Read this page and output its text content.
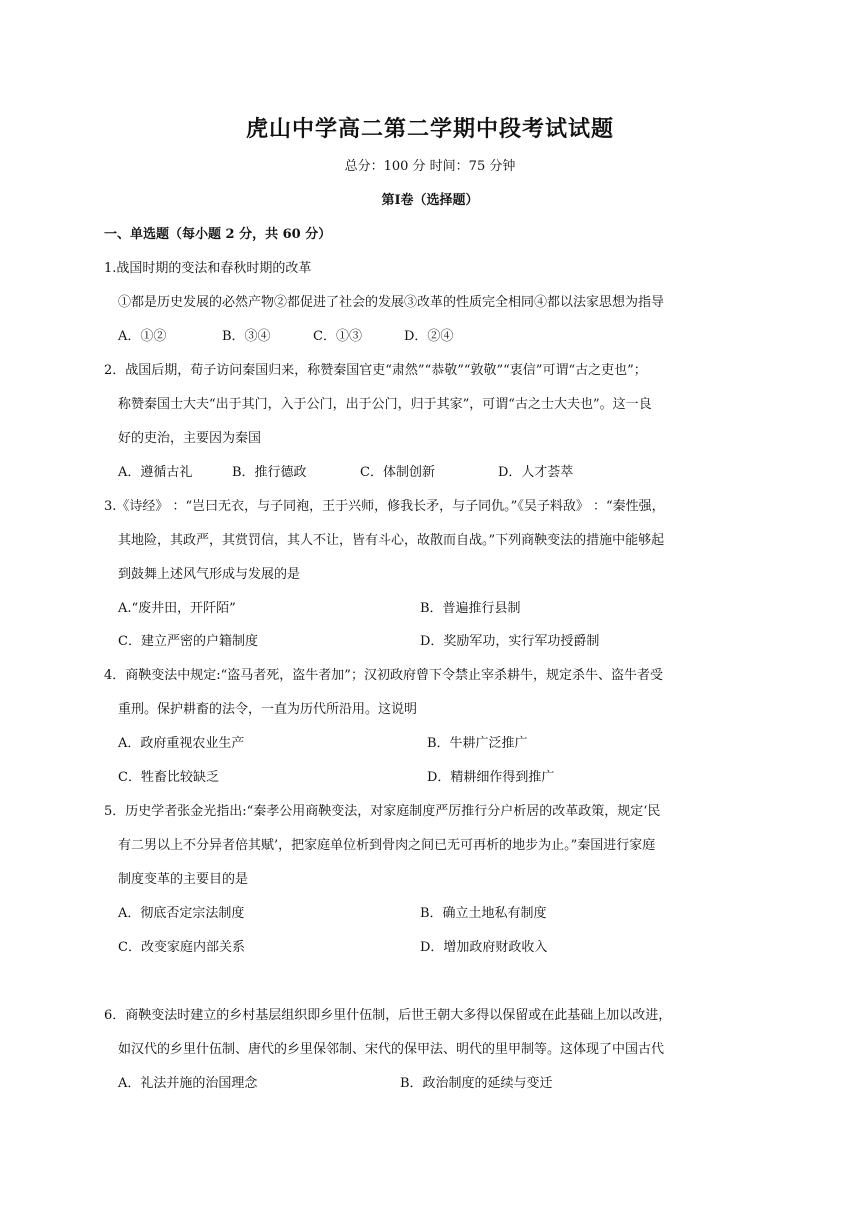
虎山中学高二第二学期中段考试试题
总分：100 分 时间：75 分钟
第Ⅰ卷（选择题）
一、单选题（每小题 2 分，共 60 分）
1.战国时期的变法和春秋时期的改革
①都是历史发展的必然产物②都促进了社会的发展③改革的性质完全相同④都以法家思想为指导
A．①②	B．③④	C．①③	D．②④
2．战国后期，荀子访问秦国归来，称赞秦国官吏“肃然”“恭敬”“敦敬”“衷信”可谓“古之吏也”；
称赞秦国士大夫“出于其门，入于公门，出于公门，归于其家”，可谓“古之士大夫也”。这一良
好的吏治，主要因为秦国
A．遵循古礼	B．推行德政	C．体制创新	D．人才荟萃
3.《诗经》 ：“岂曰无衣，与子同袍，王于兴师，修我长矛，与子同仇。”《吴子料敌》 ：“秦性强，
其地险，其政严，其赏罚信，其人不让，皆有斗心，故散而自战。”下列商鞅变法的措施中能够起
到鼓舞上述风气形成与发展的是
A.“废井田，开阡陌”	B．普遍推行县制
C．建立严密的户籍制度	D．奖励军功，实行军功授爵制
4．商鞅变法中规定:“盗马者死，盗牛者加”；汉初政府曾下令禁止宰杀耕牛，规定杀牛、盗牛者受
重刑。保护耕畜的法令，一直为历代所沿用。这说明
A．政府重视农业生产	B．牛耕广泛推广
C．牲畜比较缺乏	D．精耕细作得到推广
5．历史学者张金光指出:“秦孝公用商鞅变法，对家庭制度严厉推行分户析居的改革政策，规定‘民
有二男以上不分异者倍其赋’，把家庭单位析到骨肉之间已无可再析的地步为止。”秦国进行家庭
制度变革的主要目的是
A．彻底否定宗法制度	B．确立土地私有制度
C．改变家庭内部关系	D．增加政府财政收入
6．商鞅变法时建立的乡村基层组织即乡里什伍制，后世王朝大多得以保留或在此基础上加以改进，
如汉代的乡里什伍制、唐代的乡里保邻制、宋代的保甲法、明代的里甲制等。这体现了中国古代
A．礼法并施的治国理念	B．政治制度的延续与变迁
